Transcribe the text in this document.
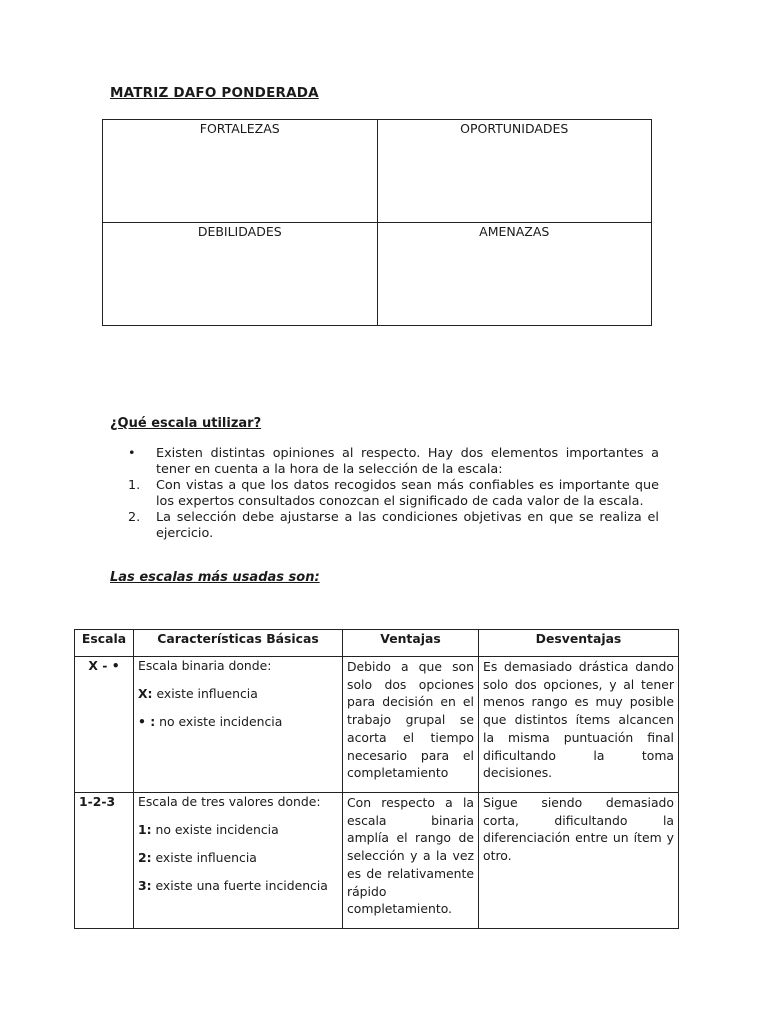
MATRIZ DAFO PONDERADA
FORTALEZAS	OPORTUNIDADES

DEBILIDADES	AMENAZAS
¿Qué escala utilizar?
•	Existen distintas opiniones al respecto. Hay dos elementos importantes a tener en cuenta a la hora de la selección de la escala:
1.	Con vistas a que los datos recogidos sean más confiables es importante que los expertos consultados conozcan el significado de cada valor de la escala.
2.	La selección debe ajustarse a las condiciones objetivas en que se realiza el ejercicio.
Las escalas más usadas son:
Escala	Características Básicas	Ventajas	Desventajas
X - •	Escala binaria donde:

X: existe influencia

• : no existe incidencia	Debido a que son solo dos opciones para decisión en el trabajo grupal se acorta el tiempo necesario para el completamiento	Es demasiado drástica dando solo dos opciones, y al tener menos rango es muy posible que distintos ítems alcancen la misma puntuación final dificultando la toma decisiones.
1-2-3	Escala de tres valores donde:

1: no existe incidencia

2: existe influencia

3: existe una fuerte incidencia	Con respecto a la escala binaria amplía el rango de selección y a la vez es de relativamente rápido completamiento.	Sigue siendo demasiado corta, dificultando la diferenciación entre un ítem y otro.
